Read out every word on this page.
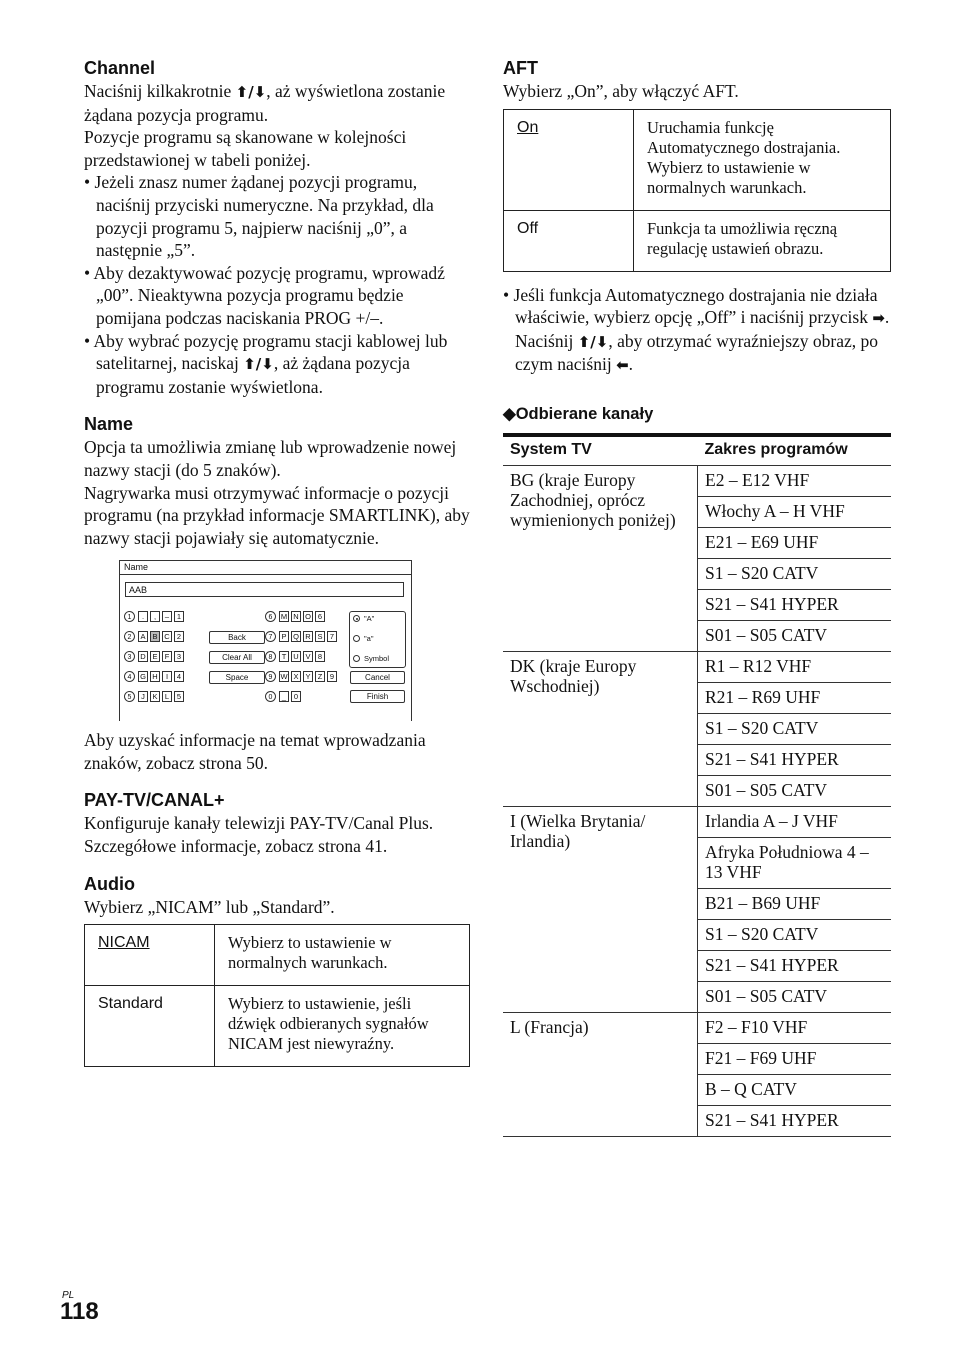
Channel

Naciśnij kilkakrotnie ⬆/⬇, aż wyświetlona zostanie żądana pozycja programu.

Pozycje programu są skanowane w kolejności przedstawionej w tabeli poniżej.

• Jeżeli znasz numer żądanej pozycji programu, naciśnij przyciski numeryczne. Na przykład, dla pozycji programu 5, najpierw naciśnij „0”, a następnie „5”.
• Aby dezaktywować pozycję programu, wprowadź „00”. Nieaktywna pozycja programu będzie pomijana podczas naciskania PROG +/–.
• Aby wybrać pozycję programu stacji kablowej lub satelitarnej, naciskaj ⬆/⬇, aż żądana pozycja programu zostanie wyświetlona.
Name

Opcja ta umożliwia zmianę lub wprowadzenie nowej nazwy stacji (do 5 znaków).

Nagrywarka musi otrzymywać informacje o pozycji programu (na przykład informacje SMARTLINK), aby nazwy stacji pojawiały się automatycznie.

Name
AAB
Back
Clear All
Space
"A"
"a"
Symbol
Cancel
Finish
1	.	,	–	1
2	A B C 2
3	D E F	3
4	G H	I	4
5	J	K L	5
6	M N O 6
7	P Q R S 7
8	T U V 8
9	W X Y Z	9
0	_	0

Aby uzyskać informacje na temat wprowadzania znaków, zobacz strona 50.

PAY-TV/CANAL+

Konfiguruje kanały telewizji PAY-TV/Canal Plus.

Szczegółowe informacje, zobacz strona 41.

Audio

Wybierz „NICAM” lub „Standard”.

NICAM	Wybierz to ustawienie w normalnych warunkach.
Standard	Wybierz to ustawienie, jeśli dźwięk odbieranych sygnałów NICAM jest niewyraźny.
AFT

Wybierz „On”, aby włączyć AFT.

On	Uruchamia funkcję Automatycznego dostrajania. Wybierz to ustawienie w normalnych warunkach.
Off	Funkcja ta umożliwia ręczną regulację ustawień obrazu.
• Jeśli funkcja Automatycznego dostrajania nie działa właściwie, wybierz opcję „Off” i naciśnij przycisk ➡. Naciśnij ⬆/⬇, aby otrzymać wyraźniejszy obraz, po czym naciśnij ⬅.
◆Odbierane kanały
System TV	Zakres programów
BG (kraje Europy Zachodniej, oprócz wymienionych poniżej)	E2 – E12 VHF
	Włochy A – H VHF
	E21 – E69 UHF
	S1 – S20 CATV
	S21 – S41 HYPER
	S01 – S05 CATV
DK (kraje Europy Wschodniej)	R1 – R12 VHF
	R21 – R69 UHF
	S1 – S20 CATV
	S21 – S41 HYPER
	S01 – S05 CATV
I (Wielka Brytania/ Irlandia)	Irlandia A – J VHF
	Afryka Południowa 4 – 13 VHF
	B21 – B69 UHF
	S1 – S20 CATV
	S21 – S41 HYPER
	S01 – S05 CATV
L (Francja)	F2 – F10 VHF
	F21 – F69 UHF
	B – Q CATV
	S21 – S41 HYPER
PL
118
